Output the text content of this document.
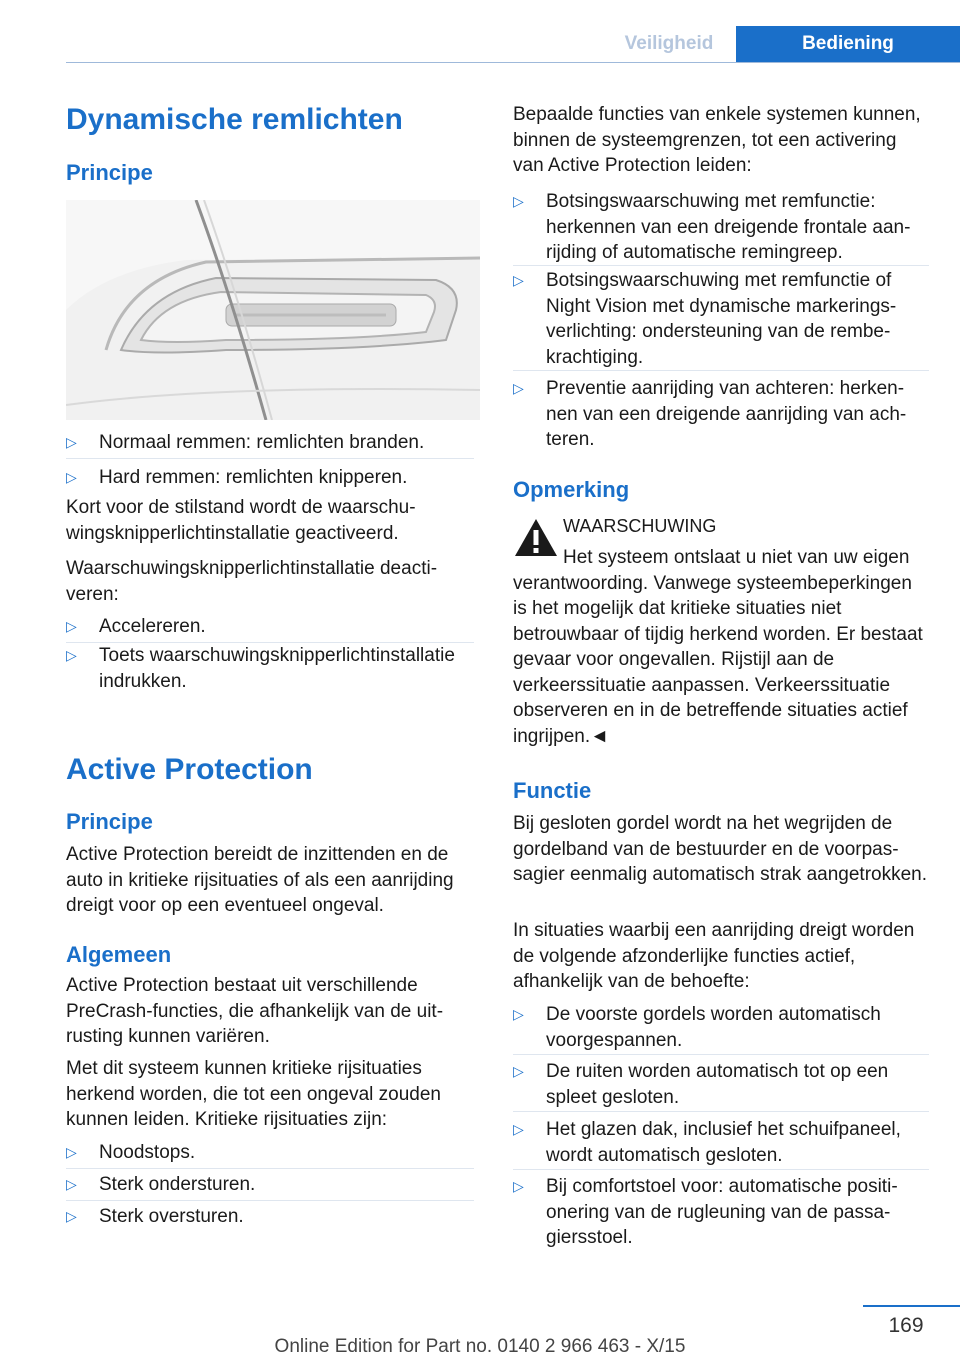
Veiligheid	Bediening
Dynamische remlichten
Principe
▷ Normaal remmen: remlichten branden.
▷ Hard remmen: remlichten knipperen.

Kort voor de stilstand wordt de waarschuwingsknipperlichtinstallatie geactiveerd.

Waarschuwingsknipperlichtinstallatie deactiveren:

▷ Accelereren.
▷ Toets waarschuwingsknipperlichtinstallatie indrukken.
Active Protection
Principe

Active Protection bereidt de inzittenden en de auto in kritieke rijsituaties of als een aanrijding dreigt voor op een eventueel ongeval.

Algemeen

Active Protection bestaat uit verschillende PreCrash-functies, die afhankelijk van de uitrusting kunnen variëren.

Met dit systeem kunnen kritieke rijsituaties herkend worden, die tot een ongeval zouden kunnen leiden. Kritieke rijsituaties zijn:

▷ Noodstops.
▷ Sterk ondersturen.
▷ Sterk oversturen.

Bepaalde functies van enkele systemen kunnen, binnen de systeemgrenzen, tot een activering van Active Protection leiden:

▷ Botsingswaarschuwing met remfunctie: herkennen van een dreigende frontale aanrijding of automatische remingreep.
▷ Botsingswaarschuwing met remfunctie of Night Vision met dynamische markeringsverlichting: ondersteuning van de rembekrachtiging.
▷ Preventie aanrijding van achteren: herkennen van een dreigende aanrijding van achteren.
Opmerking
WAARSCHUWING

Het systeem ontslaat u niet van uw eigen verantwoording. Vanwege systeembeperkingen is het mogelijk dat kritieke situaties niet betrouwbaar of tijdig herkend worden. Er bestaat gevaar voor ongevallen. Rijstijl aan de verkeerssituatie aanpassen. Verkeerssituatie observeren en in de betreffende situaties actief ingrijpen.◄

Functie

Bij gesloten gordel wordt na het wegrijden de gordelband van de bestuurder en de voorpassagier eenmalig automatisch strak aangetrokken.

In situaties waarbij een aanrijding dreigt worden de volgende afzonderlijke functies actief, afhankelijk van de behoefte:

▷ De voorste gordels worden automatisch voorgespannen.
▷ De ruiten worden automatisch tot op een spleet gesloten.
▷ Het glazen dak, inclusief het schuifpaneel, wordt automatisch gesloten.
▷ Bij comfortstoel voor: automatische positionering van de rugleuning van de passagiersstoel.
169
Online Edition for Part no. 0140 2 966 463 - X/15
